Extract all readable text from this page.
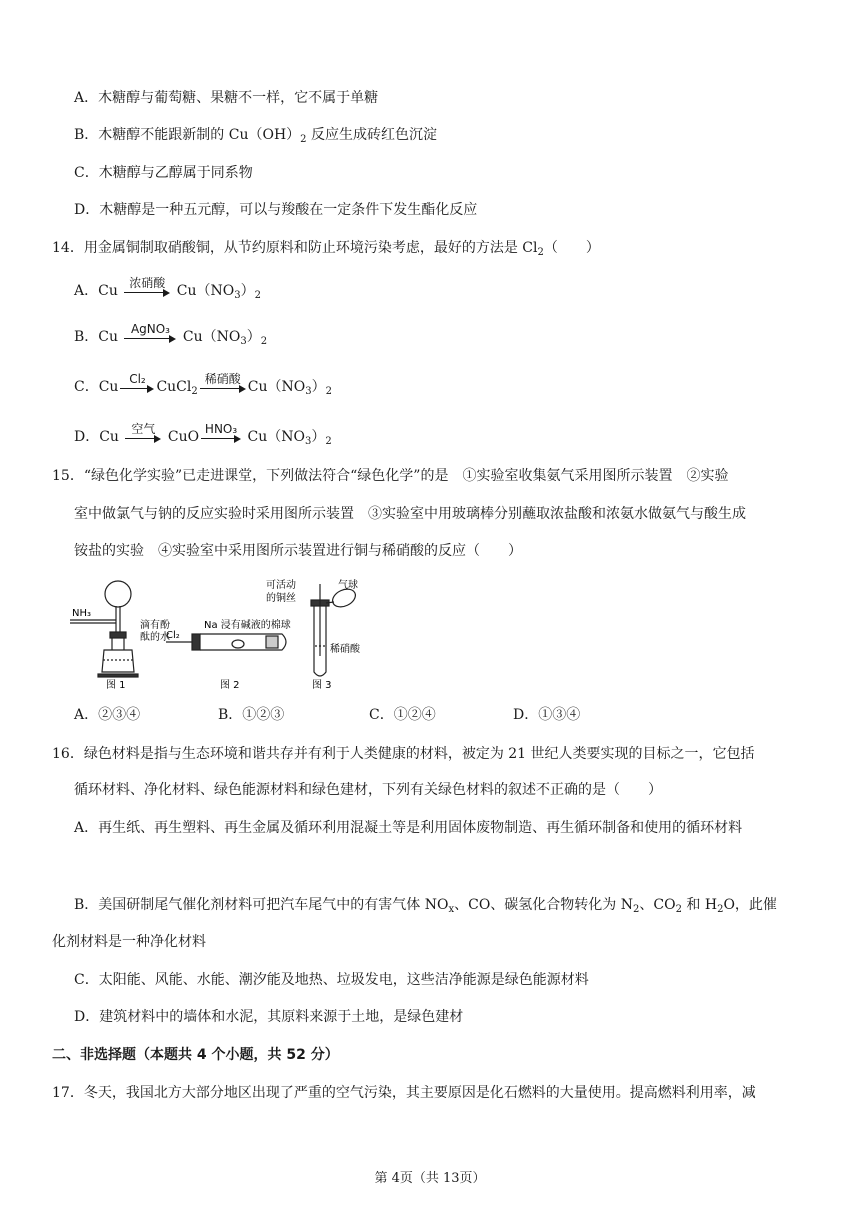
A．木糖醇与葡萄糖、果糖不一样，它不属于单糖
B．木糖醇不能跟新制的 $Cu(OH)_2$ 反应生成砖红色沉淀
C．木糖醇与乙醇属于同系物
D．木糖醇是一种五元醇，可以与羧酸在一定条件下发生酯化反应
14．用金属铜制取硝酸铜，从节约原料和防止环境污染考虑，最好的方法是 $Cl_2$（　　）
A．Cu 浓硝酸 $Cu(NO_3)_2$
B．Cu AgNO₃ $Cu(NO_3)_2$
C．Cu Cl₂ CuCl$_2$
稀硝酸 $Cu(NO_3)_2$
D．Cu 空气 CuO HNO₃ $Cu(NO_3)_2$
15．“绿色化学实验”已走进课堂，下列做法符合“绿色化学”的是　①实验室收集氨气采用图所示装置　②实验
室中做氯气与钠的反应实验时采用图所示装置　③实验室中用玻璃棒分别蘸取浓盐酸和浓氨水做氨气与酸生成
铵盐的实验　④实验室中采用图所示装置进行铜与稀硝酸的反应（　　）
NH₃
滴有酚
酞的水
图 1
Cl₂
Na 浸有碱液的棉球
图 2
可活动
的铜丝
气球
稀硝酸
图 3
A．②③④	B．①②③	C．①②④	D．①③④
16．绿色材料是指与生态环境和谐共存并有利于人类健康的材料，被定为 21 世纪人类要实现的目标之一，它包括
循环材料、净化材料、绿色能源材料和绿色建材，下列有关绿色材料的叙述不正确的是（　　）
A．再生纸、再生塑料、再生金属及循环利用混凝土等是利用固体废物制造、再生循环制备和使用的循环材料
B．美国研制尾气催化剂材料可把汽车尾气中的有害气体 $NO_x$、CO、碳氢化合物转化为 $N_2$、$CO_2$ 和 $H_2O$，此催
化剂材料是一种净化材料
C．太阳能、风能、水能、潮汐能及地热、垃圾发电，这些洁净能源是绿色能源材料
D．建筑材料中的墙体和水泥，其原料来源于土地，是绿色建材
二、非选择题（本题共 4 个小题，共 52 分）
17．冬天，我国北方大部分地区出现了严重的空气污染，其主要原因是化石燃料的大量使用。提高燃料利用率，减
第 4页（共 13页）
